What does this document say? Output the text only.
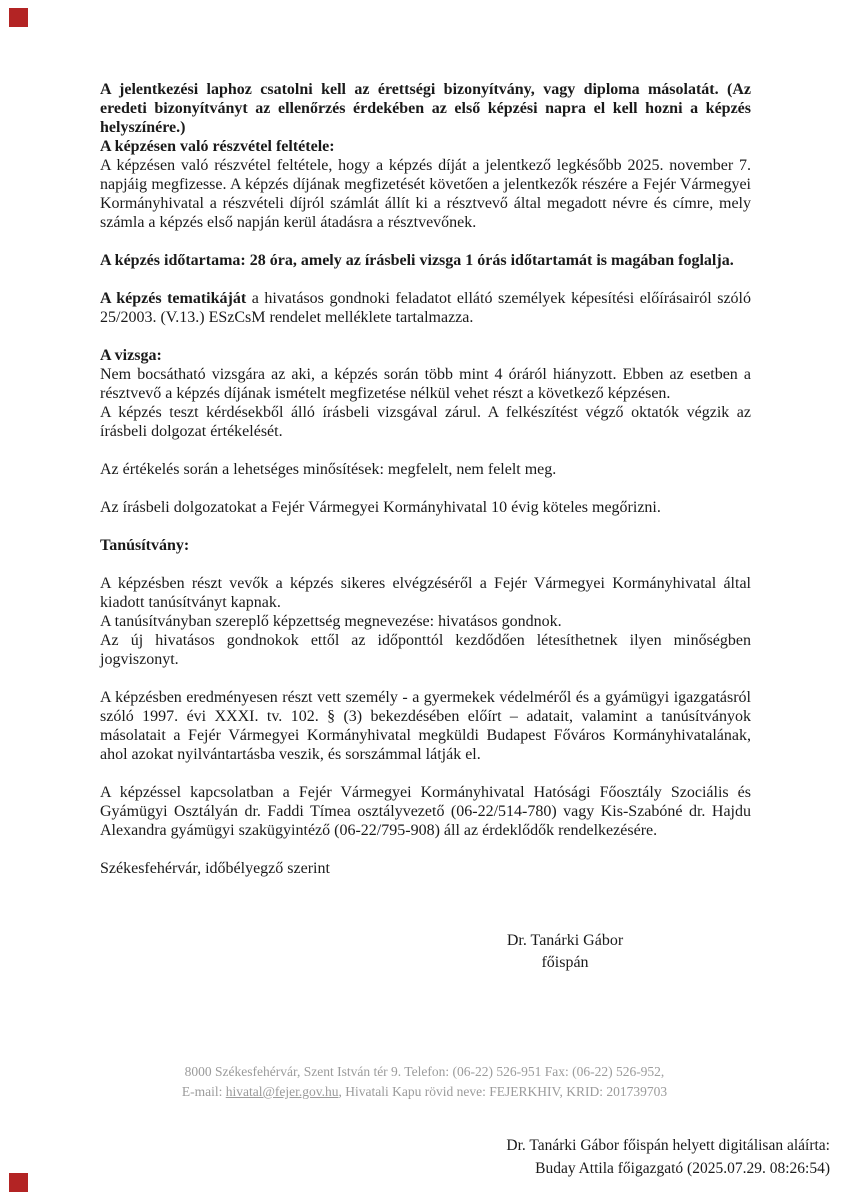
A jelentkezési laphoz csatolni kell az érettségi bizonyítvány, vagy diploma másolatát. (Az eredeti bizonyítványt az ellenőrzés érdekében az első képzési napra el kell hozni a képzés helyszínére.)

A képzésen való részvétel feltétele:

A képzésen való részvétel feltétele, hogy a képzés díját a jelentkező legkésőbb 2025. november 7. napjáig megfizesse. A képzés díjának megfizetését követően a jelentkezők részére a Fejér Vármegyei Kormányhivatal a részvételi díjról számlát állít ki a résztvevő által megadott névre és címre, mely számla a képzés első napján kerül átadásra a résztvevőnek.

A képzés időtartama: 28 óra, amely az írásbeli vizsga 1 órás időtartamát is magában foglalja.

A képzés tematikáját a hivatásos gondnoki feladatot ellátó személyek képesítési előírásairól szóló 25/2003. (V.13.) ESzCsM rendelet melléklete tartalmazza.

A vizsga:

Nem bocsátható vizsgára az aki, a képzés során több mint 4 óráról hiányzott. Ebben az esetben a résztvevő a képzés díjának ismételt megfizetése nélkül vehet részt a következő képzésen.

A képzés teszt kérdésekből álló írásbeli vizsgával zárul. A felkészítést végző oktatók végzik az írásbeli dolgozat értékelését.

Az értékelés során a lehetséges minősítések: megfelelt, nem felelt meg.

Az írásbeli dolgozatokat a Fejér Vármegyei Kormányhivatal 10 évig köteles megőrizni.

Tanúsítvány:

A képzésben részt vevők a képzés sikeres elvégzéséről a Fejér Vármegyei Kormányhivatal által kiadott tanúsítványt kapnak.

A tanúsítványban szereplő képzettség megnevezése: hivatásos gondnok.

Az új hivatásos gondnokok ettől az időponttól kezdődően létesíthetnek ilyen minőségben jogviszonyt.

A képzésben eredményesen részt vett személy - a gyermekek védelméről és a gyámügyi igazgatásról szóló 1997. évi XXXI. tv. 102. § (3) bekezdésében előírt – adatait, valamint a tanúsítványok másolatait a Fejér Vármegyei Kormányhivatal megküldi Budapest Főváros Kormányhivatalának, ahol azokat nyilvántartásba veszik, és sorszámmal látják el.

A képzéssel kapcsolatban a Fejér Vármegyei Kormányhivatal Hatósági Főosztály Szociális és Gyámügyi Osztályán dr. Faddi Tímea osztályvezető (06-22/514-780) vagy Kis-Szabóné dr. Hajdu Alexandra gyámügyi szakügyintéző (06-22/795-908) áll az érdeklődők rendelkezésére.

Székesfehérvár, időbélyegző szerint

Dr. Tanárki Gábor

főispán

8000 Székesfehérvár, Szent István tér 9. Telefon: (06-22) 526-951 Fax: (06-22) 526-952,
E-mail: hivatal@fejer.gov.hu, Hivatali Kapu rövid neve: FEJERKHIV, KRID: 201739703
Dr. Tanárki Gábor főispán helyett digitálisan aláírta:
Buday Attila főigazgató (2025.07.29. 08:26:54)
